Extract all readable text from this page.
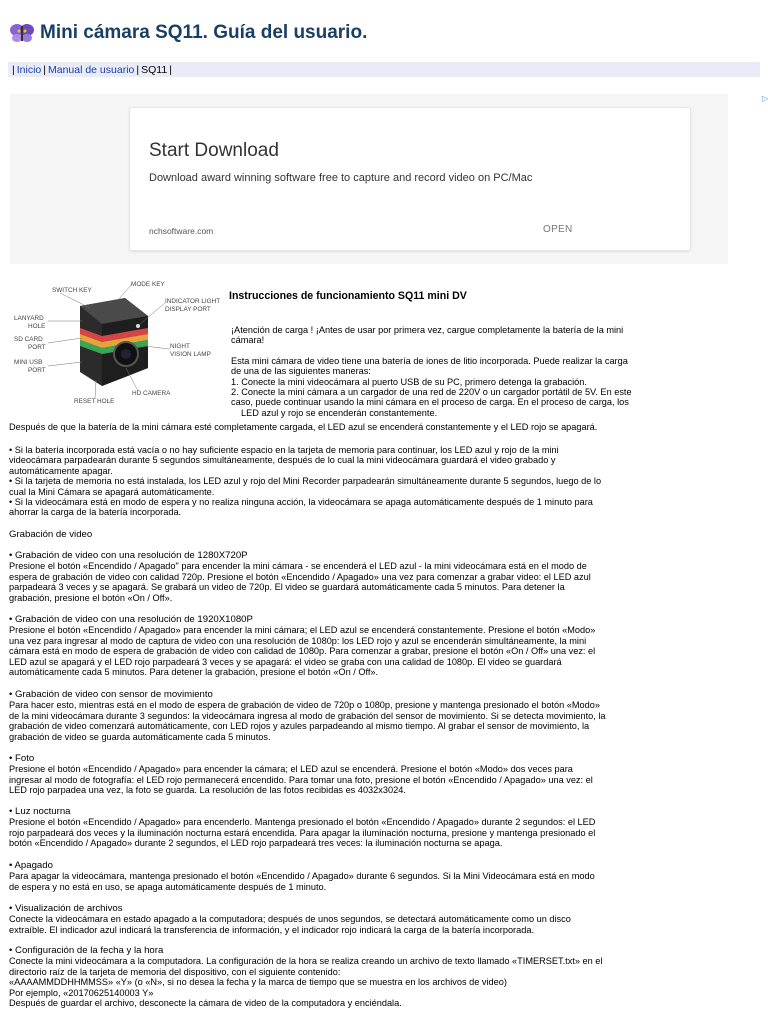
Mini cámara SQ11. Guía del usuario.
| Inicio | Manual de usuario | SQ11 |
Start Download
Download award winning software free to capture and record video on PC/Mac
nchsoftware.com	OPEN
▷
SWITCH KEY
MODE KEY
INDICATOR LIGHT
DISPLAY PORT
LANYARD
HOLE
SD CARD
PORT
MINI USB
PORT
NIGHT
VISION LAMP
HD CAMERA
RESET HOLE
Instrucciones de funcionamiento SQ11 mini DV

¡Atención de carga ! ¡Antes de usar por primera vez, cargue completamente la batería de la mini

cámara!

Esta mini cámara de video tiene una batería de iones de litio incorporada. Puede realizar la carga

de una de las siguientes maneras:

1. Conecte la mini videocámara al puerto USB de su PC, primero detenga la grabación.

2. Conecte la mini cámara a un cargador de una red de 220V o un cargador portátil de 5V. En este

caso, puede continuar usando la mini cámara en el proceso de carga. En el proceso de carga, los

LED azul y rojo se encenderán constantemente.

Después de que la batería de la mini cámara esté completamente cargada, el LED azul se encenderá constantemente y el LED rojo se apagará.

• Si la batería incorporada está vacía o no hay suficiente espacio en la tarjeta de memoria para continuar, los LED azul y rojo de la mini

videocámara parpadearán durante 5 segundos simultáneamente, después de lo cual la mini videocámara guardará el video grabado y

automáticamente apagar.

• Si la tarjeta de memoria no está instalada, los LED azul y rojo del Mini Recorder parpadearán simultáneamente durante 5 segundos, luego de lo

cual la Mini Cámara se apagará automáticamente.

• Si la videocámara está en modo de espera y no realiza ninguna acción, la videocámara se apaga automáticamente después de 1 minuto para

ahorrar la carga de la batería incorporada.

Grabación de video

• Grabación de video con una resolución de 1280X720P

Presione el botón «Encendido / Apagado" para encender la mini cámara - se encenderá el LED azul - la mini videocámara está en el modo de

espera de grabación de video con calidad 720p. Presione el botón «Encendido / Apagado» una vez para comenzar a grabar video: el LED azul

parpadeará 3 veces y se apagará. Se grabará un video de 720p. El video se guardará automáticamente cada 5 minutos. Para detener la

grabación, presione el botón «On / Off».

• Grabación de video con una resolución de 1920X1080P

Presione el botón «Encendido / Apagado» para encender la mini cámara; el LED azul se encenderá constantemente. Presione el botón «Modo»

una vez para ingresar al modo de captura de video con una resolución de 1080p: los LED rojo y azul se encenderán simultáneamente, la mini

cámara está en modo de espera de grabación de video con calidad de 1080p. Para comenzar a grabar, presione el botón «On / Off» una vez: el

LED azul se apagará y el LED rojo parpadeará 3 veces y se apagará: el video se graba con una calidad de 1080p. El video se guardará

automáticamente cada 5 minutos. Para detener la grabación, presione el botón «On / Off».

• Grabación de video con sensor de movimiento

Para hacer esto, mientras está en el modo de espera de grabación de video de 720p o 1080p, presione y mantenga presionado el botón «Modo»

de la mini videocámara durante 3 segundos: la videocámara ingresa al modo de grabación del sensor de movimiento. Si se detecta movimiento, la

grabación de video comenzará automáticamente, con LED rojos y azules parpadeando al mismo tiempo. Al grabar el sensor de movimiento, la

grabación de video se guarda automáticamente cada 5 minutos.

• Foto

Presione el botón «Encendido / Apagado» para encender la cámara; el LED azul se encenderá. Presione el botón «Modo» dos veces para

ingresar al modo de fotografía: el LED rojo permanecerá encendido. Para tomar una foto, presione el botón «Encendido / Apagado» una vez: el

LED rojo parpadea una vez, la foto se guarda. La resolución de las fotos recibidas es 4032x3024.

• Luz nocturna

Presione el botón «Encendido / Apagado» para encenderlo. Mantenga presionado el botón «Encendido / Apagado» durante 2 segundos: el LED

rojo parpadeará dos veces y la iluminación nocturna estará encendida. Para apagar la iluminación nocturna, presione y mantenga presionado el

botón «Encendido / Apagado» durante 2 segundos, el LED rojo parpadeará tres veces: la iluminación nocturna se apaga.

• Apagado

Para apagar la videocámara, mantenga presionado el botón «Encendido / Apagado» durante 6 segundos. Si la Mini Videocámara está en modo

de espera y no está en uso, se apaga automáticamente después de 1 minuto.

• Visualización de archivos

Conecte la videocámara en estado apagado a la computadora; después de unos segundos, se detectará automáticamente como un disco

extraíble. El indicador azul indicará la transferencia de información, y el indicador rojo indicará la carga de la batería incorporada.

• Configuración de la fecha y la hora

Conecte la mini videocámara a la computadora. La configuración de la hora se realiza creando un archivo de texto llamado «TIMERSET.txt» en el

directorio raíz de la tarjeta de memoria del dispositivo, con el siguiente contenido:

«AAAAMMDDHHMMSS» «Y» (o «N», si no desea la fecha y la marca de tiempo que se muestra en los archivos de video)

Por ejemplo, «20170625140003 Y»

Después de guardar el archivo, desconecte la cámara de video de la computadora y enciéndala.
